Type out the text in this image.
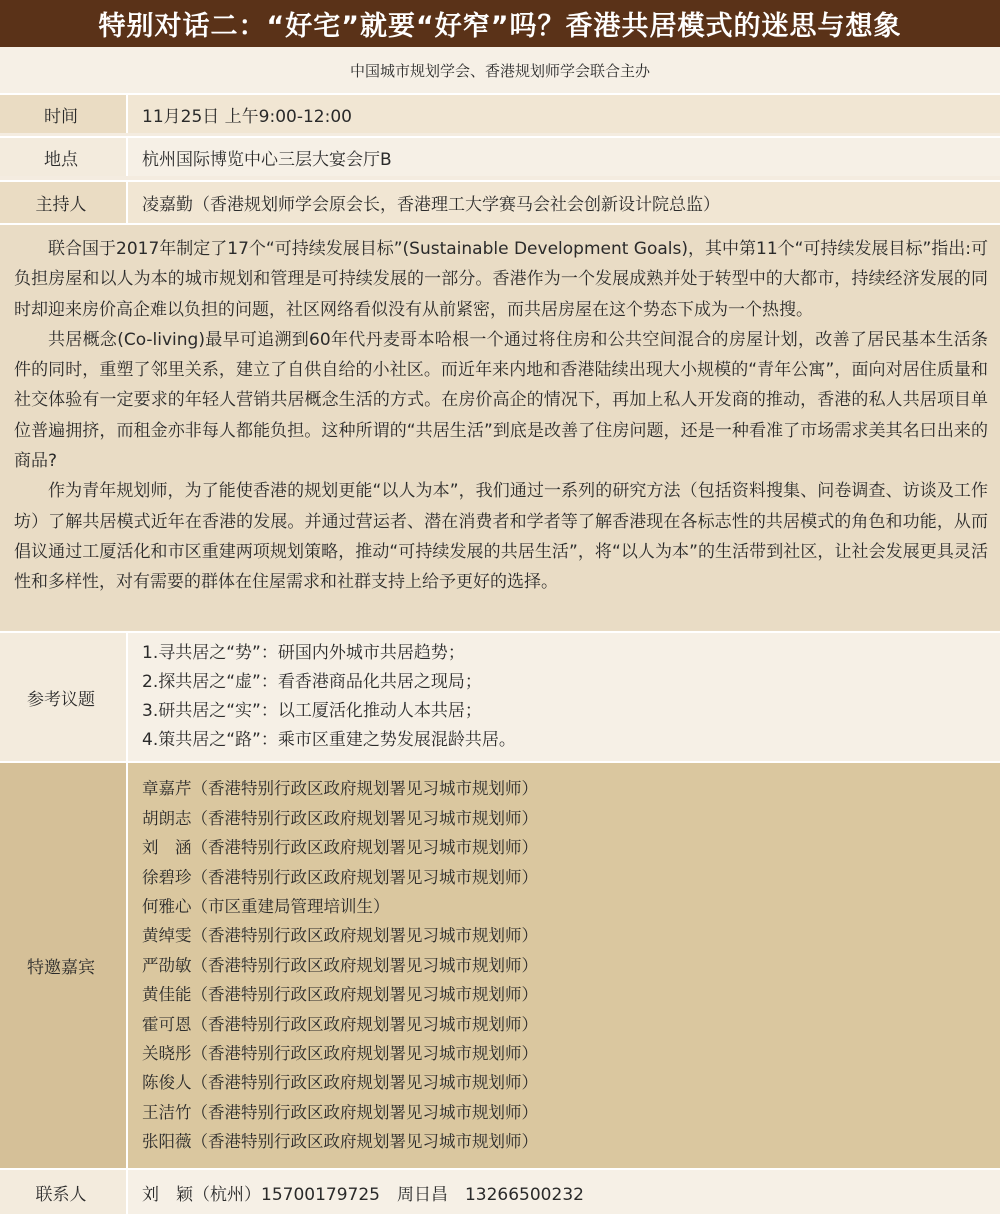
特别对话二：“好宅”就要“好窄”吗？香港共居模式的迷思与想象
中国城市规划学会、香港规划师学会联合主办
时间	11月25日 上午9:00-12:00
地点	杭州国际博览中心三层大宴会厅B
主持人	凌嘉勤（香港规划师学会原会长，香港理工大学赛马会社会创新设计院总监）

联合国于2017年制定了17个“可持续发展目标”(Sustainable Development Goals)，其中第11个“可持续发展目标”指出:可负担房屋和以人为本的城市规划和管理是可持续发展的一部分。香港作为一个发展成熟并处于转型中的大都市，持续经济发展的同时却迎来房价高企难以负担的问题，社区网络看似没有从前紧密，而共居房屋在这个势态下成为一个热搜。

共居概念(Co-living)最早可追溯到60年代丹麦哥本哈根一个通过将住房和公共空间混合的房屋计划，改善了居民基本生活条件的同时，重塑了邻里关系，建立了自供自给的小社区。而近年来内地和香港陆续出现大小规模的“青年公寓”，面向对居住质量和社交体验有一定要求的年轻人营销共居概念生活的方式。在房价高企的情况下，再加上私人开发商的推动，香港的私人共居项目单位普遍拥挤，而租金亦非每人都能负担。这种所谓的“共居生活”到底是改善了住房问题，还是一种看准了市场需求美其名曰出来的商品?

作为青年规划师，为了能使香港的规划更能“以人为本”，我们通过一系列的研究方法（包括资料搜集、问卷调查、访谈及工作坊）了解共居模式近年在香港的发展。并通过营运者、潜在消费者和学者等了解香港现在各标志性的共居模式的角色和功能，从而倡议通过工厦活化和市区重建两项规划策略，推动“可持续发展的共居生活”，将“以人为本”的生活带到社区，让社会发展更具灵活性和多样性，对有需要的群体在住屋需求和社群支持上给予更好的选择。

参考议题
1.寻共居之“势”：研国内外城市共居趋势；
2.探共居之“虚”：看香港商品化共居之现局；
3.研共居之“实”：以工厦活化推动人本共居；
4.策共居之“路”：乘市区重建之势发展混龄共居。
特邀嘉宾
章嘉芹（香港特别行政区政府规划署见习城市规划师）
胡朗志（香港特别行政区政府规划署见习城市规划师）
刘　涵（香港特别行政区政府规划署见习城市规划师）
徐碧珍（香港特别行政区政府规划署见习城市规划师）
何雅心（市区重建局管理培训生）
黄绰雯（香港特别行政区政府规划署见习城市规划师）
严劭敏（香港特别行政区政府规划署见习城市规划师）
黄佳能（香港特别行政区政府规划署见习城市规划师）
霍可恩（香港特别行政区政府规划署见习城市规划师）
关晓彤（香港特别行政区政府规划署见习城市规划师）
陈俊人（香港特别行政区政府规划署见习城市规划师）
王洁竹（香港特别行政区政府规划署见习城市规划师）
张阳薇（香港特别行政区政府规划署见习城市规划师）
联系人	刘　颖（杭州）15700179725　周日昌　13266500232
